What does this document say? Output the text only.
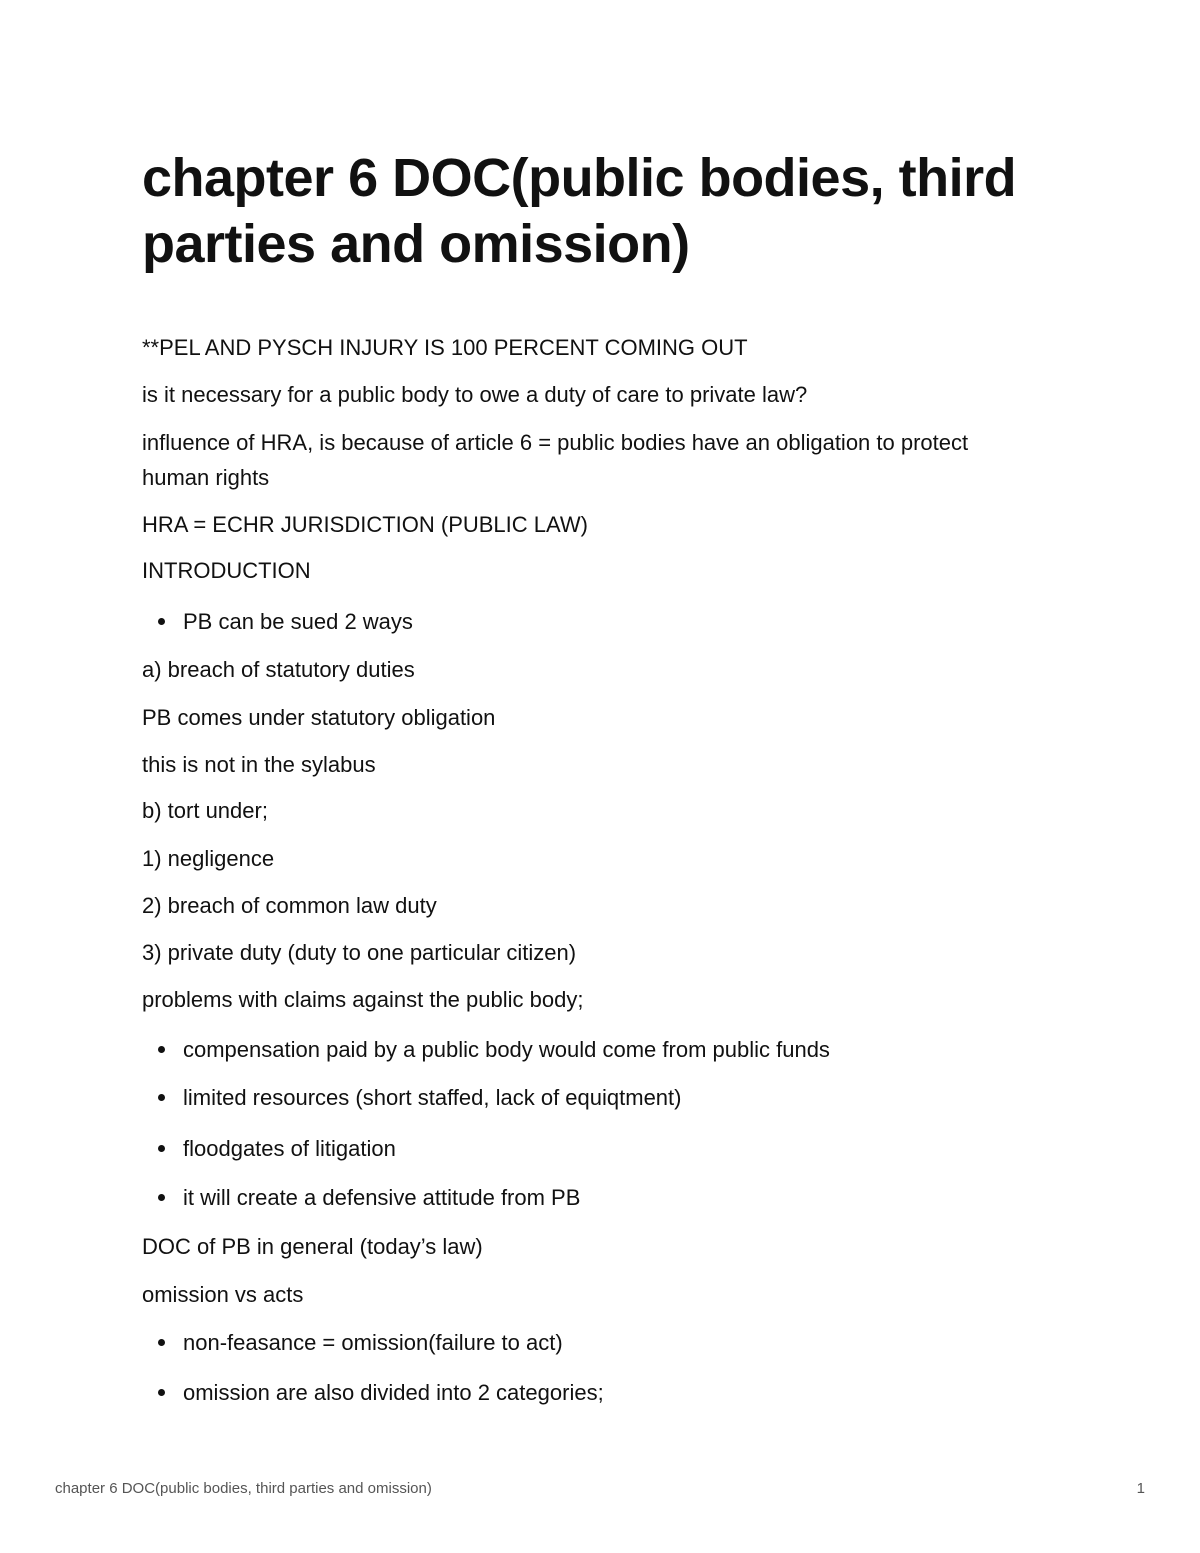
chapter 6 DOC(public bodies, third parties and omission)

**PEL AND PYSCH INJURY IS 100 PERCENT COMING OUT

is it necessary for a public body to owe a duty of care to private law?

influence of HRA, is because of article 6 = public bodies have an obligation to protect human rights

HRA = ECHR JURISDICTION (PUBLIC LAW)

INTRODUCTION

PB can be sued 2 ways

a) breach of statutory duties

PB comes under statutory obligation

this is not in the sylabus

b) tort under;

1) negligence

2) breach of common law duty

3) private duty (duty to one particular citizen)

problems with claims against the public body;

compensation paid by a public body would come from public funds
limited resources (short staffed, lack of equiqtment)
floodgates of litigation
it will create a defensive attitude from PB

DOC of PB in general (today’s law)

omission vs acts

non-feasance = omission(failure to act)
omission are also divided into 2 categories;
chapter 6 DOC(public bodies, third parties and omission)	1
